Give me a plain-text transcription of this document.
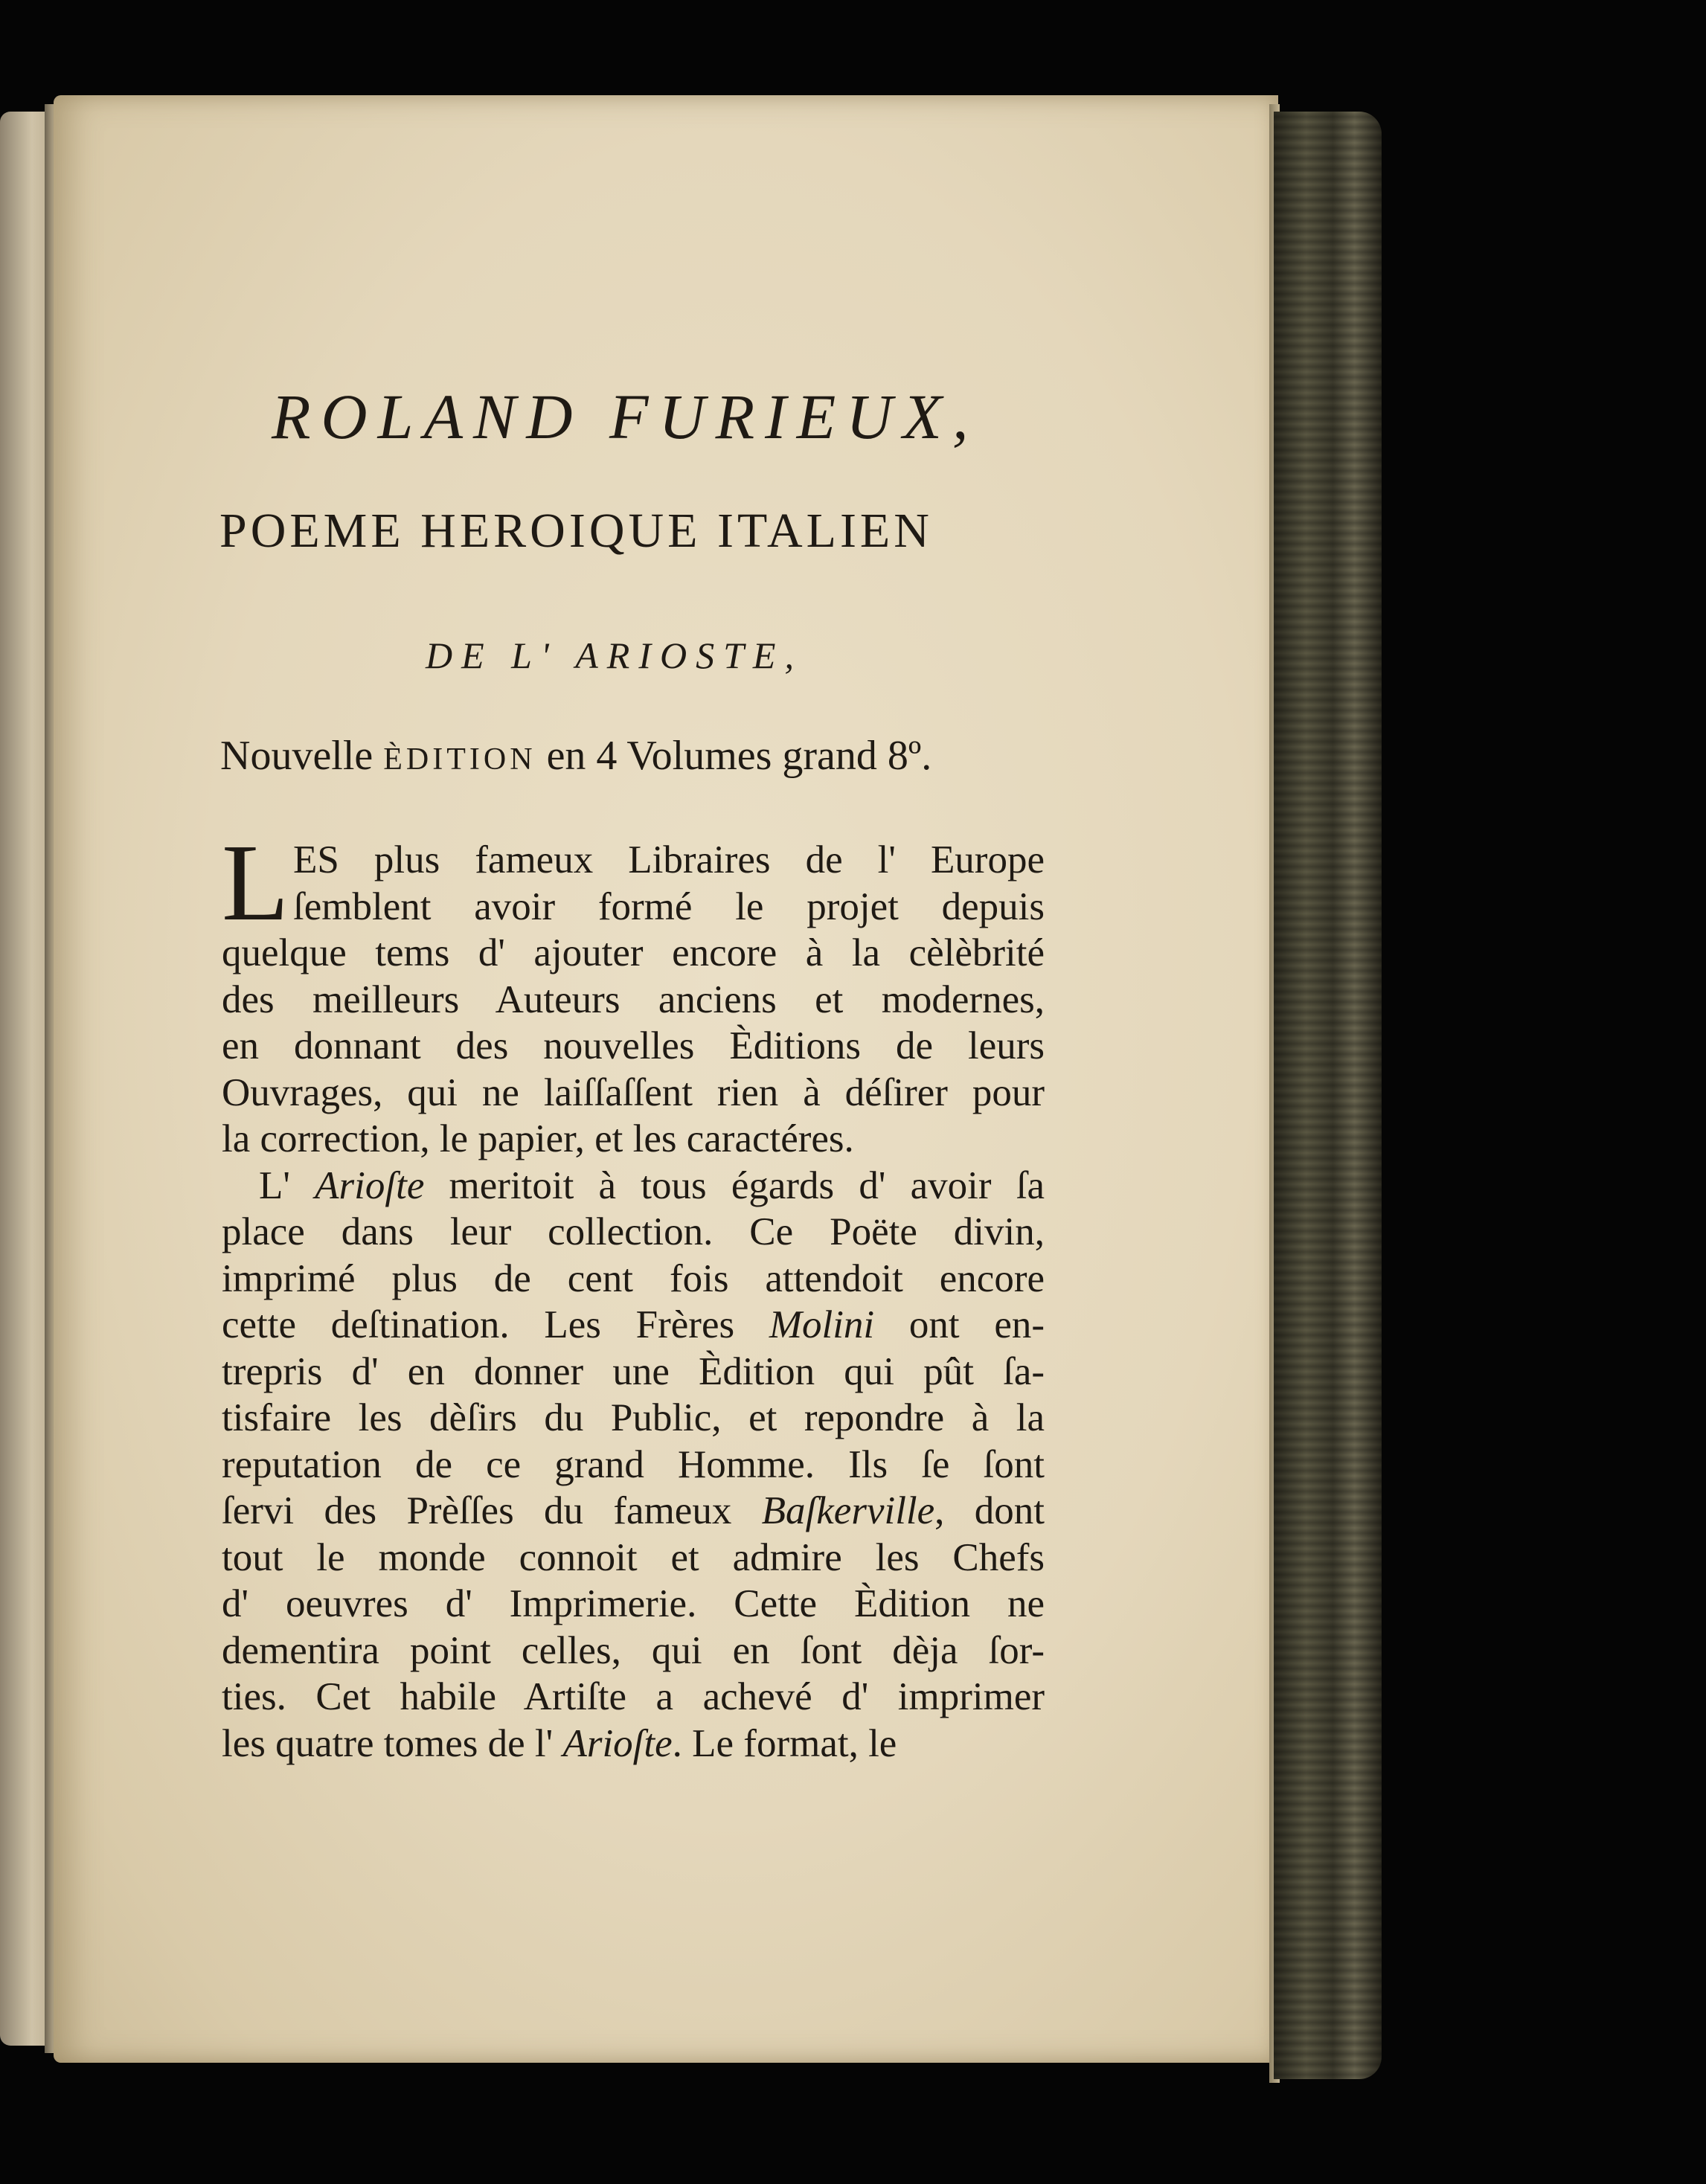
ROLAND FURIEUX,
POEME HEROIQUE ITALIEN
DE L' ARIOSTE,
Nouvelle ÈDITION en 4 Volumes grand 8º.
L ES plus fameux Libraires de l' Europe
ſemblent avoir formé le projet depuis
quelque tems d' ajouter encore à la cèlèbrité
des meilleurs Auteurs anciens et modernes,
en donnant des nouvelles Èditions de leurs
Ouvrages, qui ne laiſſaſſent rien à déſirer pour
la correction, le papier, et les caractéres.
L' Arioſte meritoit à tous égards d' avoir ſa
place dans leur collection. Ce Poëte divin,
imprimé plus de cent fois attendoit encore
cette deſtination. Les Frères Molini ont en-
trepris d' en donner une Èdition qui pût ſa-
tisfaire les dèſirs du Public, et repondre à la
reputation de ce grand Homme. Ils ſe ſont
ſervi des Prèſſes du fameux Baſkerville, dont
tout le monde connoit et admire les Chefs
d' oeuvres d' Imprimerie. Cette Èdition ne
dementira point celles, qui en ſont dèja ſor-
ties. Cet habile Artiſte a achevé d' imprimer
les quatre tomes de l' Arioſte. Le format, le
